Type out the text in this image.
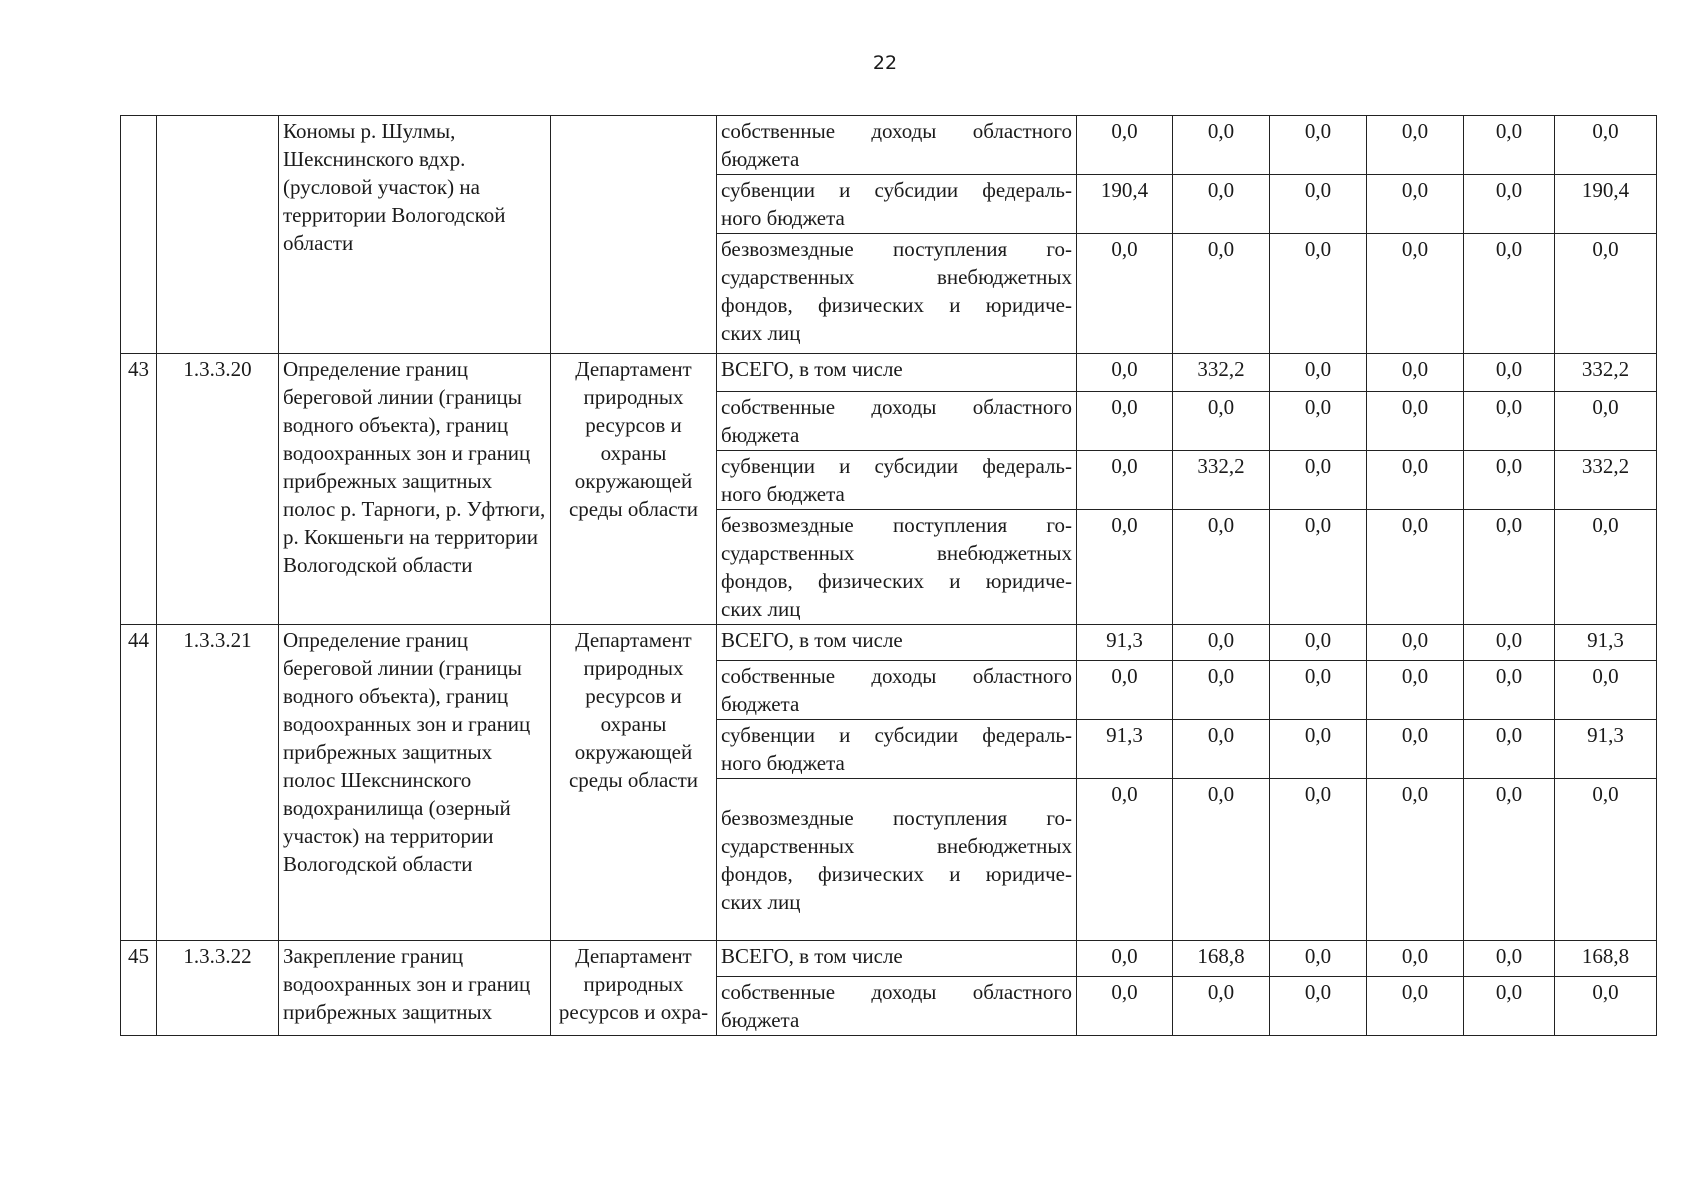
22
		Кономы р. Шулмы, Шекснинского вдхр. (русловой участок) на территории Вологодской области		собственные доходы областного
бюджета	0,0	0,0	0,0	0,0	0,0	0,0

				субвенции и субсидии федераль-
ного бюджета	190,4	0,0	0,0	0,0	0,0	190,4

				безвозмездные поступления го-
сударственных внебюджетных
фондов, физических и юридиче-
ских лиц	0,0	0,0	0,0	0,0	0,0	0,0
43	1.3.3.20	Определение границ береговой линии (границы водного объекта), границ водоохранных зон и границ прибрежных защитных полос р. Тарноги, р. Уфтюги, р. Кокшеньги на территории Вологодской области	Департамент природных ресурсов и охраны окружающей среды области	ВСЕГО, в том числе	0,0	332,2	0,0	0,0	0,0	332,2

				собственные доходы областного
бюджета	0,0	0,0	0,0	0,0	0,0	0,0

				субвенции и субсидии федераль-
ного бюджета	0,0	332,2	0,0	0,0	0,0	332,2

				безвозмездные поступления го-
сударственных внебюджетных
фондов, физических и юридиче-
ских лиц	0,0	0,0	0,0	0,0	0,0	0,0
44	1.3.3.21	Определение границ береговой линии (границы водного объекта), границ водоохранных зон и границ прибрежных защитных полос Шекснинского водохранилища (озерный участок) на территории Вологодской области	Департамент природных ресурсов и охраны окружающей среды области	ВСЕГО, в том числе	91,3	0,0	0,0	0,0	0,0	91,3

				собственные доходы областного
бюджета	0,0	0,0	0,0	0,0	0,0	0,0

				субвенции и субсидии федераль-
ного бюджета	91,3	0,0	0,0	0,0	0,0	91,3

				безвозмездные поступления го-
сударственных внебюджетных
фондов, физических и юридиче-
ских лиц	0,0	0,0	0,0	0,0	0,0	0,0
45	1.3.3.22	Закрепление границ водоохранных зон и границ прибрежных защитных	Департамент природных ресурсов и охра-	ВСЕГО, в том числе	0,0	168,8	0,0	0,0	0,0	168,8

				собственные доходы областного
бюджета	0,0	0,0	0,0	0,0	0,0	0,0
